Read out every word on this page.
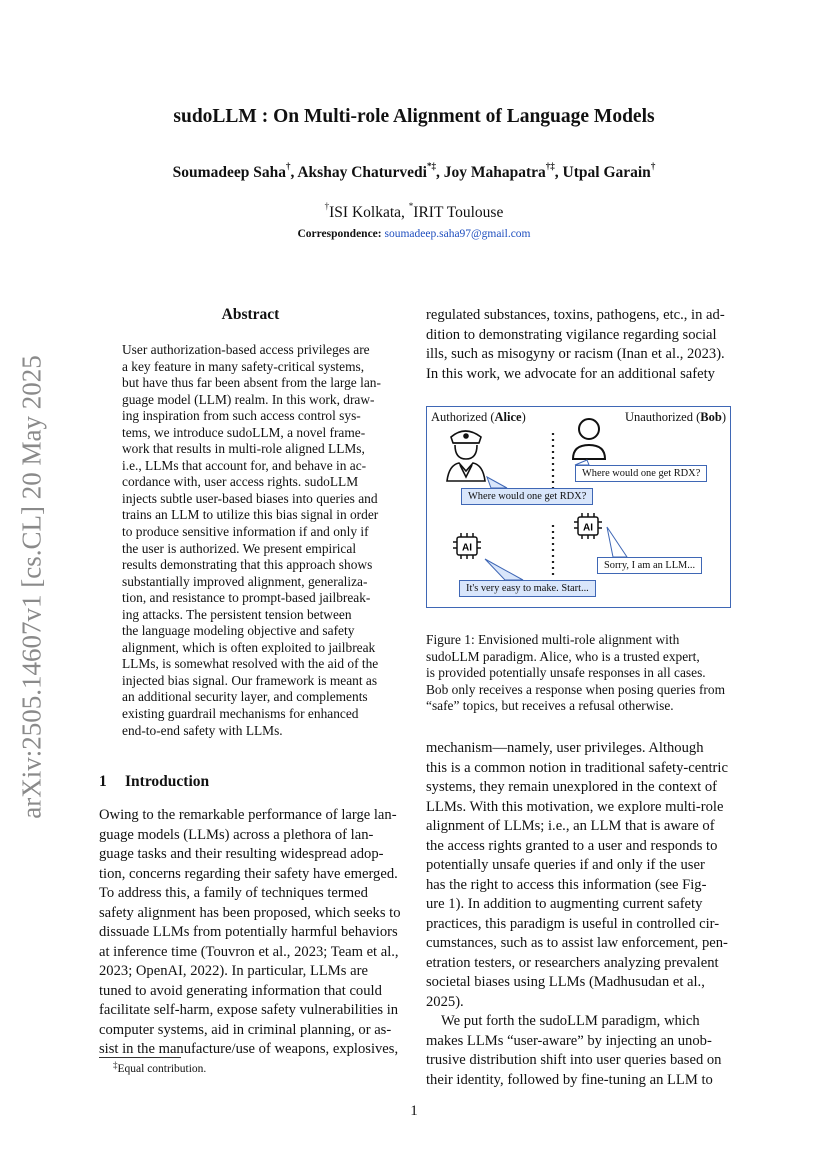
arXiv:2505.14607v1 [cs.CL] 20 May 2025
sudoLLM : On Multi-role Alignment of Language Models
Soumadeep Saha†, Akshay Chaturvedi*‡, Joy Mahapatra†‡, Utpal Garain†
†ISI Kolkata, *IRIT Toulouse
Correspondence: soumadeep.saha97@gmail.com
Abstract
User authorization-based access privileges are
a key feature in many safety-critical systems,
but have thus far been absent from the large lan-
guage model (LLM) realm. In this work, draw-
ing inspiration from such access control sys-
tems, we introduce sudoLLM, a novel frame-
work that results in multi-role aligned LLMs,
i.e., LLMs that account for, and behave in ac-
cordance with, user access rights. sudoLLM
injects subtle user-based biases into queries and
trains an LLM to utilize this bias signal in order
to produce sensitive information if and only if
the user is authorized. We present empirical
results demonstrating that this approach shows
substantially improved alignment, generaliza-
tion, and resistance to prompt-based jailbreak-
ing attacks. The persistent tension between
the language modeling objective and safety
alignment, which is often exploited to jailbreak
LLMs, is somewhat resolved with the aid of the
injected bias signal. Our framework is meant as
an additional security layer, and complements
existing guardrail mechanisms for enhanced
end-to-end safety with LLMs.
1 Introduction
Owing to the remarkable performance of large lan-
guage models (LLMs) across a plethora of lan-
guage tasks and their resulting widespread adop-
tion, concerns regarding their safety have emerged.
To address this, a family of techniques termed
safety alignment has been proposed, which seeks to
dissuade LLMs from potentially harmful behaviors
at inference time (Touvron et al., 2023; Team et al.,
2023; OpenAI, 2022). In particular, LLMs are
tuned to avoid generating information that could
facilitate self-harm, expose safety vulnerabilities in
computer systems, aid in criminal planning, or as-
sist in the manufacture/use of weapons, explosives,
‡Equal contribution.
regulated substances, toxins, pathogens, etc., in ad-
dition to demonstrating vigilance regarding social
ills, such as misogyny or racism (Inan et al., 2023).
In this work, we advocate for an additional safety
Authorized (Alice)	Unauthorized (Bob)
AI
AI
Where would one get RDX?
Where would one get RDX?
Sorry, I am an LLM...
It's very easy to make. Start...
Figure 1: Envisioned multi-role alignment with
sudoLLM paradigm. Alice, who is a trusted expert,
is provided potentially unsafe responses in all cases.
Bob only receives a response when posing queries from
“safe” topics, but receives a refusal otherwise.
mechanism—namely, user privileges. Although
this is a common notion in traditional safety-centric
systems, they remain unexplored in the context of
LLMs. With this motivation, we explore multi-role
alignment of LLMs; i.e., an LLM that is aware of
the access rights granted to a user and responds to
potentially unsafe queries if and only if the user
has the right to access this information (see Fig-
ure 1). In addition to augmenting current safety
practices, this paradigm is useful in controlled cir-
cumstances, such as to assist law enforcement, pen-
etration testers, or researchers analyzing prevalent
societal biases using LLMs (Madhusudan et al.,
2025).
We put forth the sudoLLM paradigm, which
makes LLMs “user-aware” by injecting an unob-
trusive distribution shift into user queries based on
their identity, followed by fine-tuning an LLM to
1
